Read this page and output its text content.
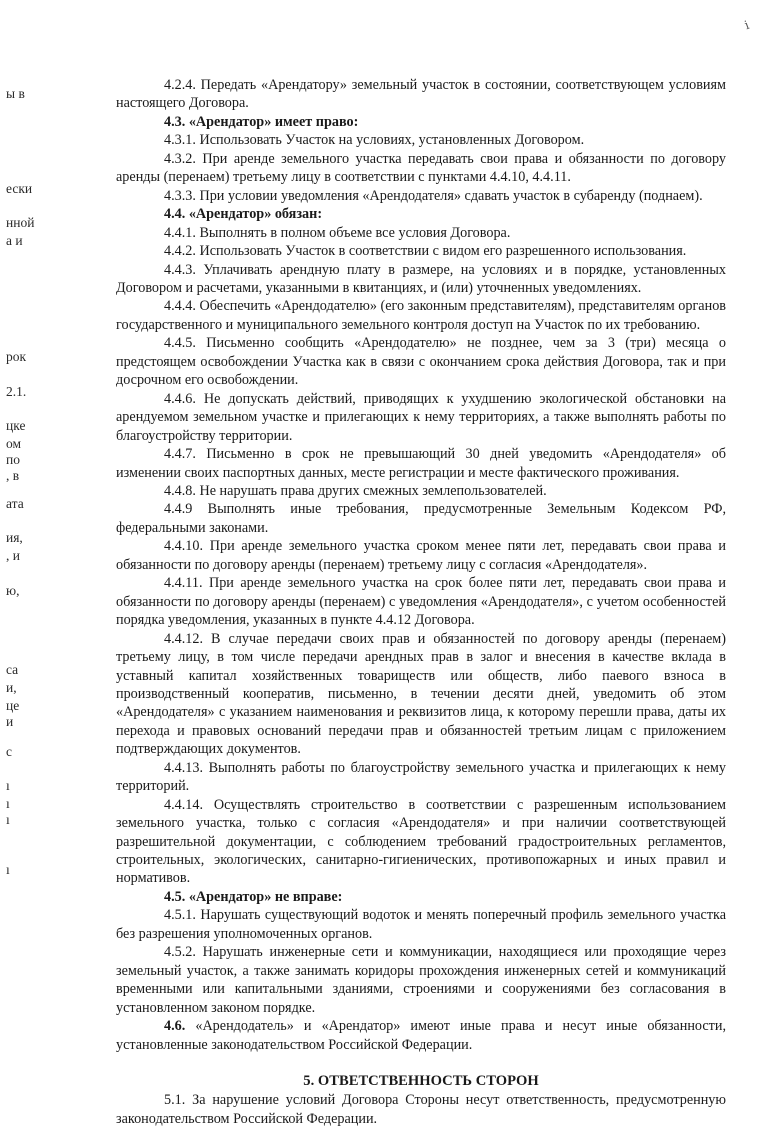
ⅰ
ы в
ески
нной
а и
рок
2.1.
цке
ом
по
, в
ата
ия,
, и
ю,
са
и,
це
и
с
ı
ı
ı
ı

4.2.4. Передать «Арендатору» земельный участок в состоянии, соответствующем условиям настоящего Договора.

4.3. «Арендатор» имеет право:

4.3.1. Использовать Участок на условиях, установленных Договором.

4.3.2. При аренде земельного участка передавать свои права и обязанности по договору аренды (перенаем) третьему лицу в соответствии с пунктами 4.4.10, 4.4.11.

4.3.3. При условии уведомления «Арендодателя» сдавать участок в субаренду (поднаем).

4.4. «Арендатор» обязан:

4.4.1. Выполнять в полном объеме все условия Договора.

4.4.2. Использовать Участок в соответствии с видом его разрешенного использования.

4.4.3. Уплачивать арендную плату в размере, на условиях и в порядке, установленных Договором и расчетами, указанными в квитанциях, и (или) уточненных уведомлениях.

4.4.4. Обеспечить «Арендодателю» (его законным представителям), представителям органов государственного и муниципального земельного контроля доступ на Участок по их требованию.

4.4.5. Письменно сообщить «Арендодателю» не позднее, чем за 3 (три) месяца о предстоящем освобождении Участка как в связи с окончанием срока действия Договора, так и при досрочном его освобождении.

4.4.6. Не допускать действий, приводящих к ухудшению экологической обстановки на арендуемом земельном участке и прилегающих к нему территориях, а также выполнять работы по благоустройству территории.

4.4.7. Письменно в срок не превышающий 30 дней уведомить «Арендодателя» об изменении своих паспортных данных, месте регистрации и месте фактического проживания.

4.4.8. Не нарушать права других смежных землепользователей.

4.4.9 Выполнять иные требования, предусмотренные Земельным Кодексом РФ, федеральными законами.

4.4.10. При аренде земельного участка сроком менее пяти лет, передавать свои права и обязанности по договору аренды (перенаем) третьему лицу с согласия «Арендодателя».

4.4.11. При аренде земельного участка на срок более пяти лет, передавать свои права и обязанности по договору аренды (перенаем) с уведомления «Арендодателя», с учетом особенностей порядка уведомления, указанных в пункте 4.4.12 Договора.

4.4.12. В случае передачи своих прав и обязанностей по договору аренды (перенаем) третьему лицу, в том числе передачи арендных прав в залог и внесения в качестве вклада в уставный капитал хозяйственных товариществ или обществ, либо паевого взноса в производственный кооператив, письменно, в течении десяти дней, уведомить об этом «Арендодателя» с указанием наименования и реквизитов лица, к которому перешли права, даты их перехода и правовых оснований передачи прав и обязанностей третьим лицам с приложением подтверждающих документов.

4.4.13. Выполнять работы по благоустройству земельного участка и прилегающих к нему территорий.

4.4.14. Осуществлять строительство в соответствии с разрешенным использованием земельного участка, только с согласия «Арендодателя» и при наличии соответствующей разрешительной документации, с соблюдением требований градостроительных регламентов, строительных, экологических, санитарно-гигиенических, противопожарных и иных правил и нормативов.

4.5. «Арендатор» не вправе:

4.5.1. Нарушать существующий водоток и менять поперечный профиль земельного участка без разрешения уполномоченных органов.

4.5.2. Нарушать инженерные сети и коммуникации, находящиеся или проходящие через земельный участок, а также занимать коридоры прохождения инженерных сетей и коммуникаций временными или капитальными зданиями, строениями и сооружениями без согласования в установленном законом порядке.

4.6. «Арендодатель» и «Арендатор» имеют иные права и несут иные обязанности, установленные законодательством Российской Федерации.

5. ОТВЕТСТВЕННОСТЬ СТОРОН

5.1. За нарушение условий Договора Стороны несут ответственность, предусмотренную законодательством Российской Федерации.
